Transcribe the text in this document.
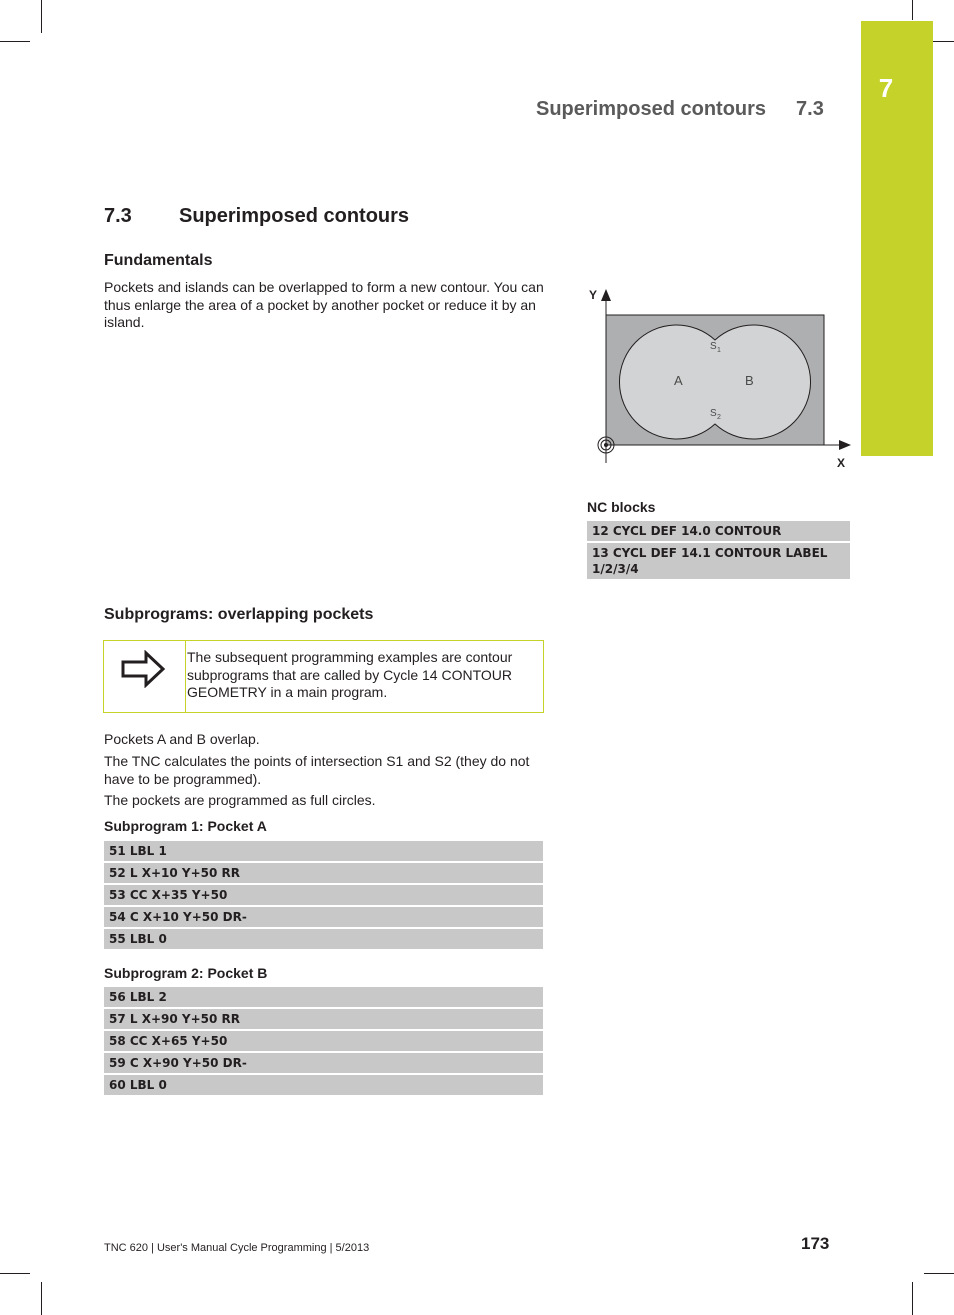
7
Superimposed contours 7.3
7.3 Superimposed contours
Fundamentals

Pockets and islands can be overlapped to form a new contour. You can thus enlarge the area of a pocket by another pocket or reduce it by an island.

Y
X
A	B
S 1
S 2
NC blocks
12 CYCL DEF 14.0 CONTOUR
13 CYCL DEF 14.1 CONTOUR LABEL 1/2/3/4
Subprograms: overlapping pockets
The subsequent programming examples are contour subprograms that are called by Cycle 14 CONTOUR GEOMETRY in a main program.

Pockets A and B overlap.

The TNC calculates the points of intersection S1 and S2 (they do not have to be programmed).

The pockets are programmed as full circles.

Subprogram 1: Pocket A
51 LBL 1
52 L X+10 Y+50 RR
53 CC X+35 Y+50
54 C X+10 Y+50 DR-
55 LBL 0
Subprogram 2: Pocket B
56 LBL 2
57 L X+90 Y+50 RR
58 CC X+65 Y+50
59 C X+90 Y+50 DR-
60 LBL 0
TNC 620 | User's Manual Cycle Programming | 5/2013	173
